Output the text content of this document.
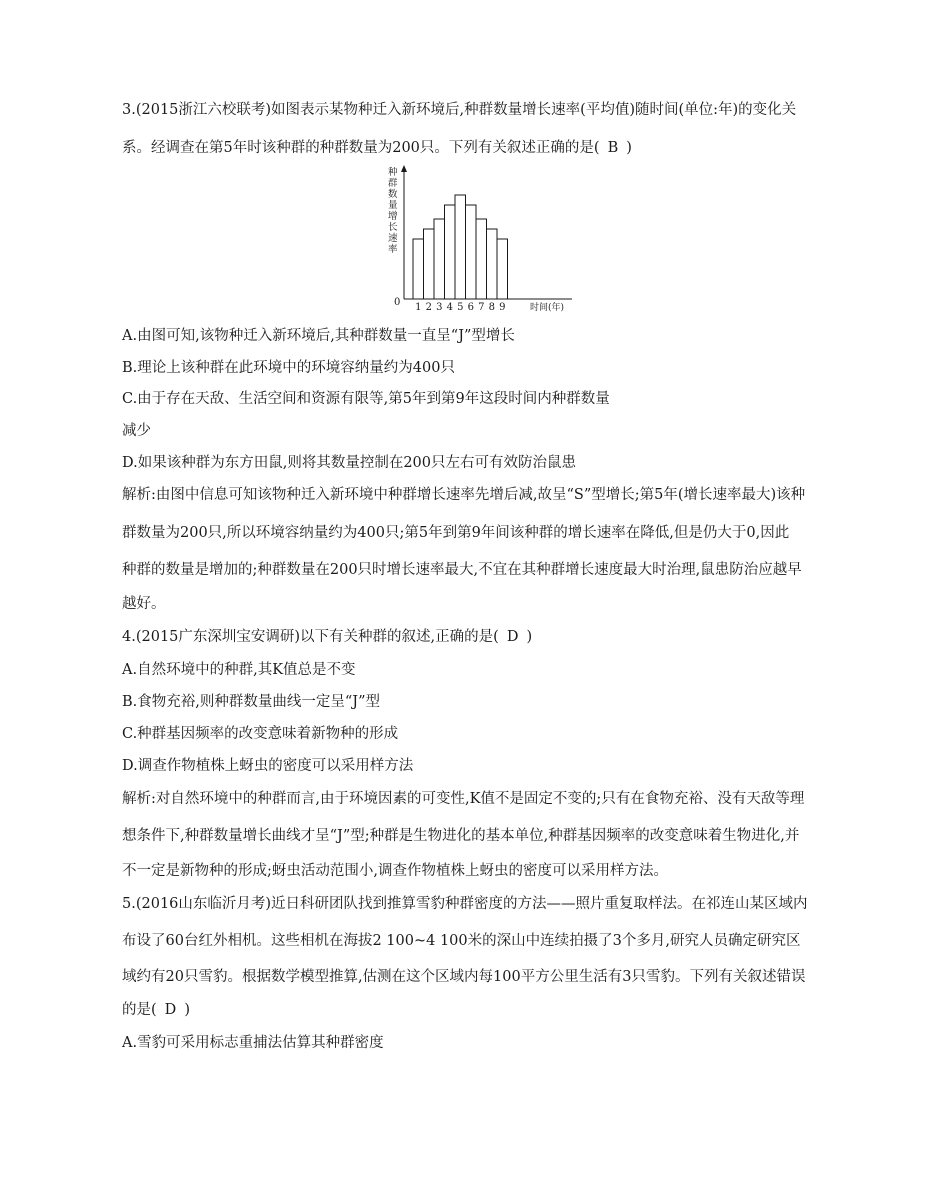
3.(2015浙江六校联考)如图表示某物种迁入新环境后,种群数量增长速率(平均值)随时间(单位:年)的变化关
系。经调查在第5年时该种群的种群数量为200只。下列有关叙述正确的是( B )
种群数量增长速率
0 1 2 3 4 5 6 7 8 9	时间(年)
A.由图可知,该物种迁入新环境后,其种群数量一直呈“J”型增长
B.理论上该种群在此环境中的环境容纳量约为400只
C.由于存在天敌、生活空间和资源有限等,第5年到第9年这段时间内种群数量
减少
D.如果该种群为东方田鼠,则将其数量控制在200只左右可有效防治鼠患
解析:由图中信息可知该物种迁入新环境中种群增长速率先增后减,故呈“S”型增长;第5年(增长速率最大)该种
群数量为200只,所以环境容纳量约为400只;第5年到第9年间该种群的增长速率在降低,但是仍大于0,因此
种群的数量是增加的;种群数量在200只时增长速率最大,不宜在其种群增长速度最大时治理,鼠患防治应越早
越好。
4.(2015广东深圳宝安调研)以下有关种群的叙述,正确的是( D )
A.自然环境中的种群,其K值总是不变
B.食物充裕,则种群数量曲线一定呈“J”型
C.种群基因频率的改变意味着新物种的形成
D.调查作物植株上蚜虫的密度可以采用样方法
解析:对自然环境中的种群而言,由于环境因素的可变性,K值不是固定不变的;只有在食物充裕、没有天敌等理
想条件下,种群数量增长曲线才呈“J”型;种群是生物进化的基本单位,种群基因频率的改变意味着生物进化,并
不一定是新物种的形成;蚜虫活动范围小,调查作物植株上蚜虫的密度可以采用样方法。
5.(2016山东临沂月考)近日科研团队找到推算雪豹种群密度的方法——照片重复取样法。在祁连山某区域内
布设了60台红外相机。这些相机在海拔2 100~4 100米的深山中连续拍摄了3个多月,研究人员确定研究区
域约有20只雪豹。根据数学模型推算,估测在这个区域内每100平方公里生活有3只雪豹。下列有关叙述错误
的是( D )
A.雪豹可采用标志重捕法估算其种群密度
